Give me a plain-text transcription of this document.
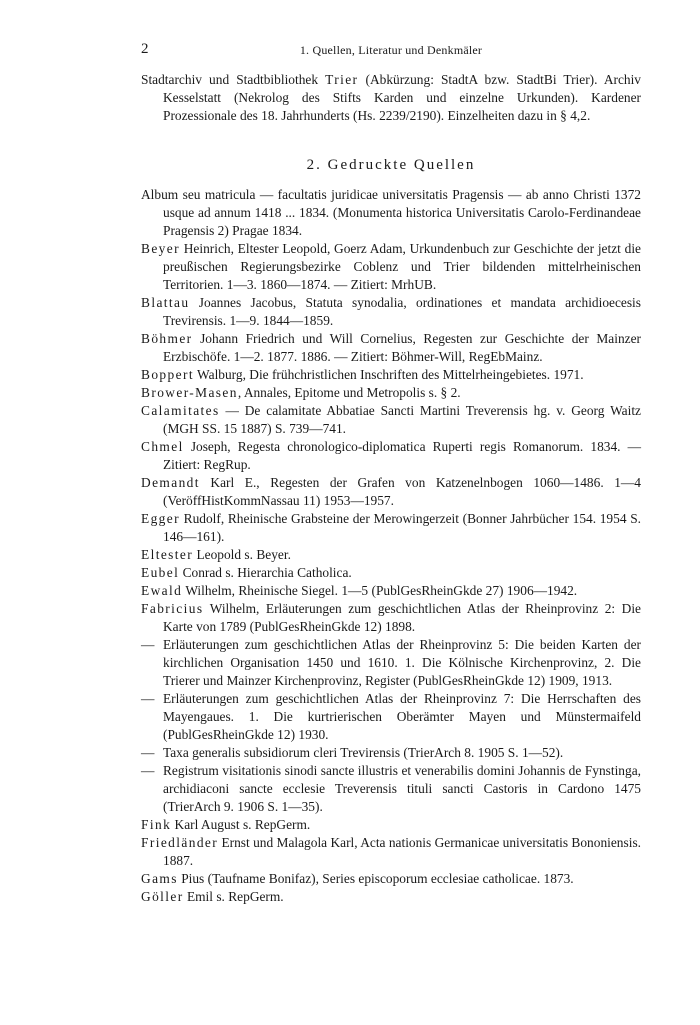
2	1. Quellen, Literatur und Denkmäler

Stadtarchiv und Stadtbibliothek Trier (Abkürzung: StadtA bzw. StadtBi Trier). Archiv Kesselstatt (Nekrolog des Stifts Karden und einzelne Urkunden). Kardener Prozessionale des 18. Jahrhunderts (Hs. 2239/2190). Einzelheiten dazu in § 4,2.

2. Gedruckte Quellen

Album seu matricula — facultatis juridicae universitatis Pragensis — ab anno Christi 1372 usque ad annum 1418 ... 1834. (Monumenta historica Universitatis Carolo-Ferdinandeae Pragensis 2) Pragae 1834.

Beyer Heinrich, Eltester Leopold, Goerz Adam, Urkundenbuch zur Geschichte der jetzt die preußischen Regierungsbezirke Coblenz und Trier bildenden mittelrheinischen Territorien. 1—3. 1860—1874. — Zitiert: MrhUB.

Blattau Joannes Jacobus, Statuta synodalia, ordinationes et mandata archidioecesis Trevirensis. 1—9. 1844—1859.

Böhmer Johann Friedrich und Will Cornelius, Regesten zur Geschichte der Mainzer Erzbischöfe. 1—2. 1877. 1886. — Zitiert: Böhmer-Will, RegEbMainz.

Boppert Walburg, Die frühchristlichen Inschriften des Mittelrheingebietes. 1971.

Brower-Masen, Annales, Epitome und Metropolis s. § 2.

Calamitates — De calamitate Abbatiae Sancti Martini Treverensis hg. v. Georg Waitz (MGH SS. 15 1887) S. 739—741.

Chmel Joseph, Regesta chronologico-diplomatica Ruperti regis Romanorum. 1834. — Zitiert: RegRup.

Demandt Karl E., Regesten der Grafen von Katzenelnbogen 1060—1486. 1—4 (VeröffHistKommNassau 11) 1953—1957.

Egger Rudolf, Rheinische Grabsteine der Merowingerzeit (Bonner Jahrbücher 154. 1954 S. 146—161).

Eltester Leopold s. Beyer.

Eubel Conrad s. Hierarchia Catholica.

Ewald Wilhelm, Rheinische Siegel. 1—5 (PublGesRheinGkde 27) 1906—1942.

Fabricius Wilhelm, Erläuterungen zum geschichtlichen Atlas der Rheinprovinz 2: Die Karte von 1789 (PublGesRheinGkde 12) 1898.

— Erläuterungen zum geschichtlichen Atlas der Rheinprovinz 5: Die beiden Karten der kirchlichen Organisation 1450 und 1610. 1. Die Kölnische Kirchenprovinz, 2. Die Trierer und Mainzer Kirchenprovinz, Register (PublGesRheinGkde 12) 1909, 1913.

— Erläuterungen zum geschichtlichen Atlas der Rheinprovinz 7: Die Herrschaften des Mayengaues. 1. Die kurtrierischen Oberämter Mayen und Münstermaifeld (PublGesRheinGkde 12) 1930.

— Taxa generalis subsidiorum cleri Trevirensis (TrierArch 8. 1905 S. 1—52).

— Registrum visitationis sinodi sancte illustris et venerabilis domini Johannis de Fynstinga, archidiaconi sancte ecclesie Treverensis tituli sancti Castoris in Cardono 1475 (TrierArch 9. 1906 S. 1—35).

Fink Karl August s. RepGerm.

Friedländer Ernst und Malagola Karl, Acta nationis Germanicae universitatis Bononiensis. 1887.

Gams Pius (Taufname Bonifaz), Series episcoporum ecclesiae catholicae. 1873.

Göller Emil s. RepGerm.
